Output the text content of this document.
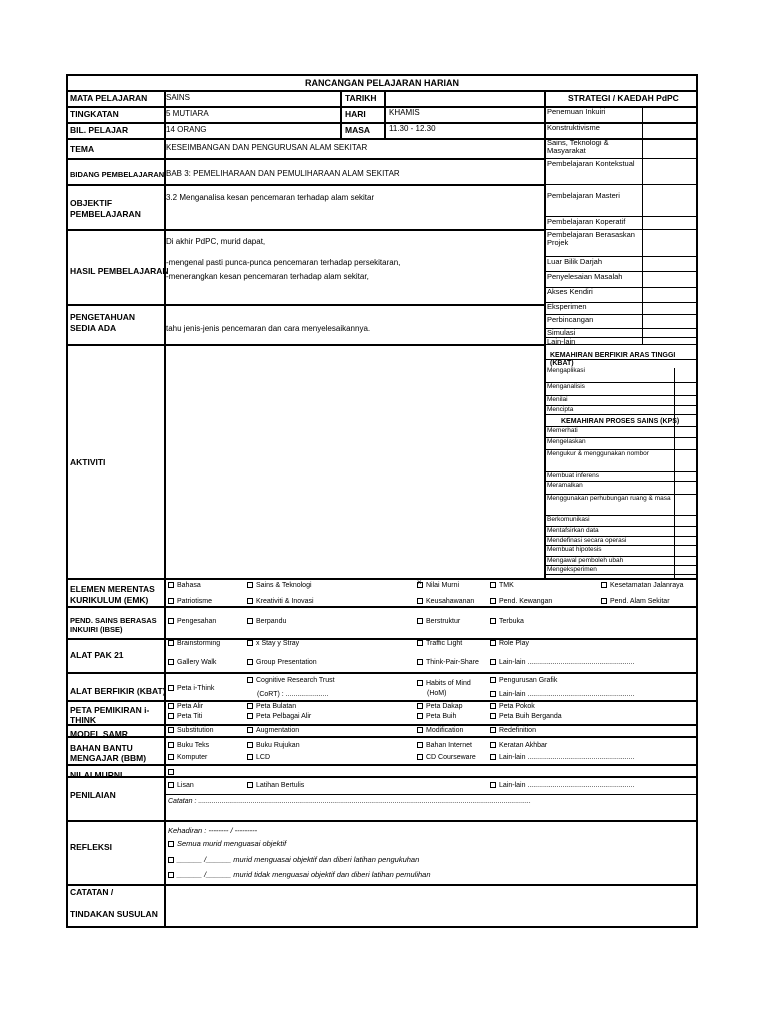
RANCANGAN PELAJARAN HARIAN
MATA PELAJARAN SAINS	TARIKH	STRATEGI / KAEDAH PdPC
TINGKATAN	5 MUTIARA	HARI	KHAMIS
BIL. PELAJAR	14 ORANG	MASA 11.30 - 12.30
TEMA	KESEIMBANGAN DAN PENGURUSAN ALAM SEKITAR
BIDANG PEMBELAJARAN BAB 3: PEMELIHARAAN DAN PEMULIHARAAN ALAM SEKITAR
OBJEKTIF
PEMBELAJARAN
3.2 Menganalisa kesan pencemaran terhadap alam sekitar
HASIL PEMBELAJARAN
Di akhir PdPC, murid dapat,
-mengenal pasti punca-punca pencemaran terhadap persekitaran,
-menerangkan kesan pencemaran terhadap alam sekitar,
PENGETAHUAN
SEDIA ADA	tahu jenis-jenis pencemaran dan cara menyelesaikannya.
AKTIVITI
Penemuan Inkuiri
Konstruktivisme
Sains, Teknologi & Masyarakat
Pembelajaran Kontekstual
Pembelajaran Masteri
Pembelajaran Koperatif
Pembelajaran Berasaskan Projek
Luar Bilik Darjah
Penyelesaian Masalah
Akses Kendiri
Eksperimen
Perbincangan
Simulasi
Lain-lain
KEMAHIRAN BERFIKIR ARAS TINGGI (KBAT)
Mengaplikasi
Menganalisis
Menilai
Mencipta
KEMAHIRAN PROSES SAINS (KPS)
Memerhati
Mengelaskan
Mengukur & menggunakan nombor
Membuat inferens
Meramalkan
Menggunakan perhubungan ruang & masa
Berkomunikasi
Mentafsirkan data
Mendefinasi secara operasi
Membuat hipotesis
Mengawal pemboleh ubah
Mengeksperimen
ELEMEN MERENTAS
KURIKULUM (EMK)
Bahasa	Sains & Teknologi
×	Nilai Murni	TMK	Kesetamatan Jalanraya
Patriotisme	Kreativiti & Inovasi	Keusahawanan	Pend. Kewangan	Pend. Alam Sekitar
PEND. SAINS BERASAS
INKUIRI (IBSE)
Pengesahan	Berpandu	Berstruktur	Terbuka
ALAT PAK 21
Brainstorming	x Stay y Stray	Traffic Light	Role Play
Gallery Walk	Group Presentation	Think-Pair-Share	Lain-lain .......................................................
ALAT BERFIKIR (KBAT)	Peta i-Think
Cognitive Research Trust
(CoRT) : ......................
Habits of Mind
(HoM)
Pengurusan Grafik
Lain-lain .......................................................
PETA PEMIKIRAN i-
THINK
Peta Alir	Peta Bulatan	Peta Dakap	Peta Pokok
Peta Titi	Peta Pelbagai Alir	Peta Buih	Peta Buih Berganda
MODEL SAMR	Substitution	Augmentation	Modification	Redefinition
BAHAN BANTU
MENGAJAR (BBM)
Buku Teks	Buku Rujukan	Bahan Internet	Keratan Akhbar
Komputer	LCD	CD Courseware	Lain-lain .......................................................
NILAI MURNI
PENILAIAN
Lisan	Latihan Bertulis	Lain-lain .......................................................
Catatan : ...........................................................................................................................................................................
REFLEKSI
Kehadiran : -------- / ---------
Semua murid menguasai objektif
______ /______ murid menguasai objektif dan diberi latihan pengukuhan
______ /______ murid tidak menguasai objektif dan diberi latihan pemulihan
CATATAN /
TINDAKAN SUSULAN
